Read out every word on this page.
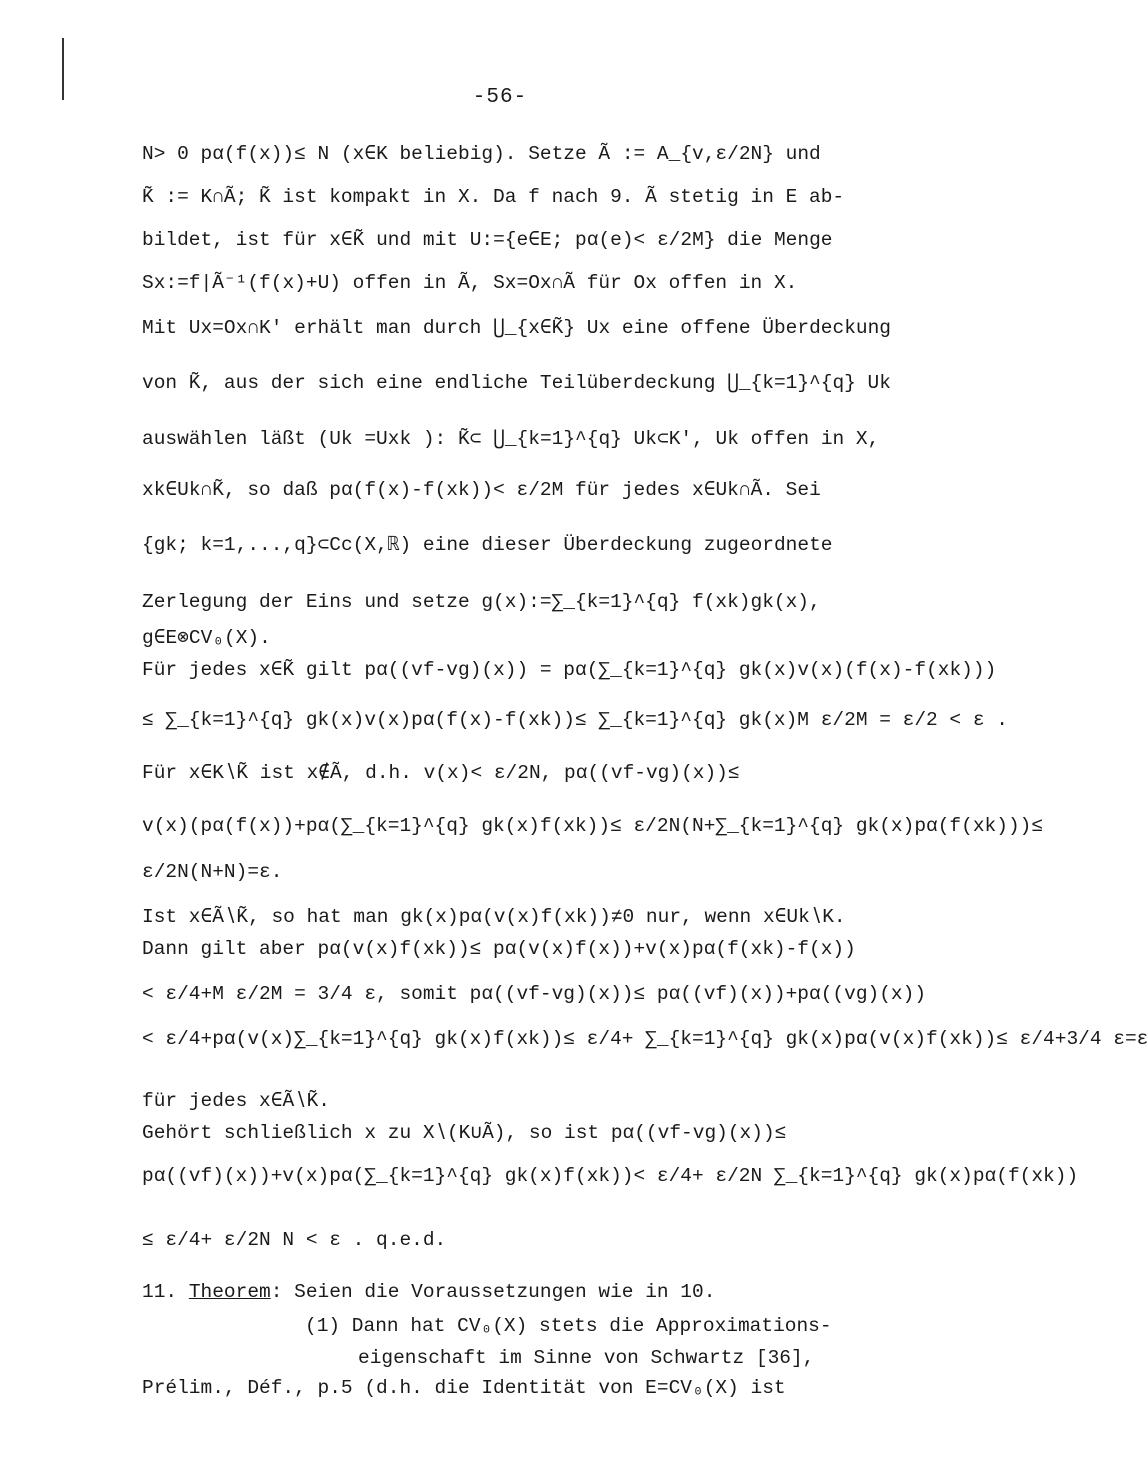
-56-
N> 0 pα(f(x))≤ N (x∈K beliebig). Setze Ã := A_{v,ε/2N} und
K̃ := K∩Ã; K̃ ist kompakt in X. Da f nach 9. Ã stetig in E ab-
bildet, ist für x∈K̃ und mit U:={e∈E; pα(e)< ε/2M} die Menge
Sx:=f|Ã⁻¹(f(x)+U) offen in Ã, Sx=Ox∩Ã für Ox offen in X.
Mit Ux=Ox∩K' erhält man durch ⋃_{x∈K̃} Ux eine offene Überdeckung
von K̃, aus der sich eine endliche Teilüberdeckung ⋃_{k=1}^{q} Uk
auswählen läßt (Uk =Uxk ): K̃⊂ ⋃_{k=1}^{q} Uk⊂K', Uk offen in X,
xk∈Uk∩K̃, so daß pα(f(x)-f(xk))< ε/2M für jedes x∈Uk∩Ã. Sei
{gk; k=1,...,q}⊂Cc(X,ℝ) eine dieser Überdeckung zugeordnete
Zerlegung der Eins und setze g(x):=∑_{k=1}^{q} f(xk)gk(x),
g∈E⊗CV₀(X).
Für jedes x∈K̃ gilt pα((vf-vg)(x)) = pα(∑_{k=1}^{q} gk(x)v(x)(f(x)-f(xk)))
≤ ∑_{k=1}^{q} gk(x)v(x)pα(f(x)-f(xk))≤ ∑_{k=1}^{q} gk(x)M ε/2M = ε/2 < ε .
Für x∈K∖K̃ ist x∉Ã, d.h. v(x)< ε/2N, pα((vf-vg)(x))≤
v(x)(pα(f(x))+pα(∑_{k=1}^{q} gk(x)f(xk))≤ ε/2N(N+∑_{k=1}^{q} gk(x)pα(f(xk)))≤
ε/2N(N+N)=ε.
Ist x∈Ã∖K̃, so hat man gk(x)pα(v(x)f(xk))≠0 nur, wenn x∈Uk∖K.
Dann gilt aber pα(v(x)f(xk))≤ pα(v(x)f(x))+v(x)pα(f(xk)-f(x))
< ε/4+M ε/2M = 3/4 ε, somit pα((vf-vg)(x))≤ pα((vf)(x))+pα((vg)(x))
< ε/4+pα(v(x)∑_{k=1}^{q} gk(x)f(xk))≤ ε/4+ ∑_{k=1}^{q} gk(x)pα(v(x)f(xk))≤ ε/4+3/4 ε=ε
für jedes x∈Ã∖K̃.
Gehört schließlich x zu X∖(K∪Ã), so ist pα((vf-vg)(x))≤
pα((vf)(x))+v(x)pα(∑_{k=1}^{q} gk(x)f(xk))< ε/4+ ε/2N ∑_{k=1}^{q} gk(x)pα(f(xk))
≤ ε/4+ ε/2N N < ε . q.e.d.
11. Theorem: Seien die Voraussetzungen wie in 10.
(1) Dann hat CV₀(X) stets die Approximations-
eigenschaft im Sinne von Schwartz [36],
Prélim., Déf., p.5 (d.h. die Identität von E=CV₀(X) ist
